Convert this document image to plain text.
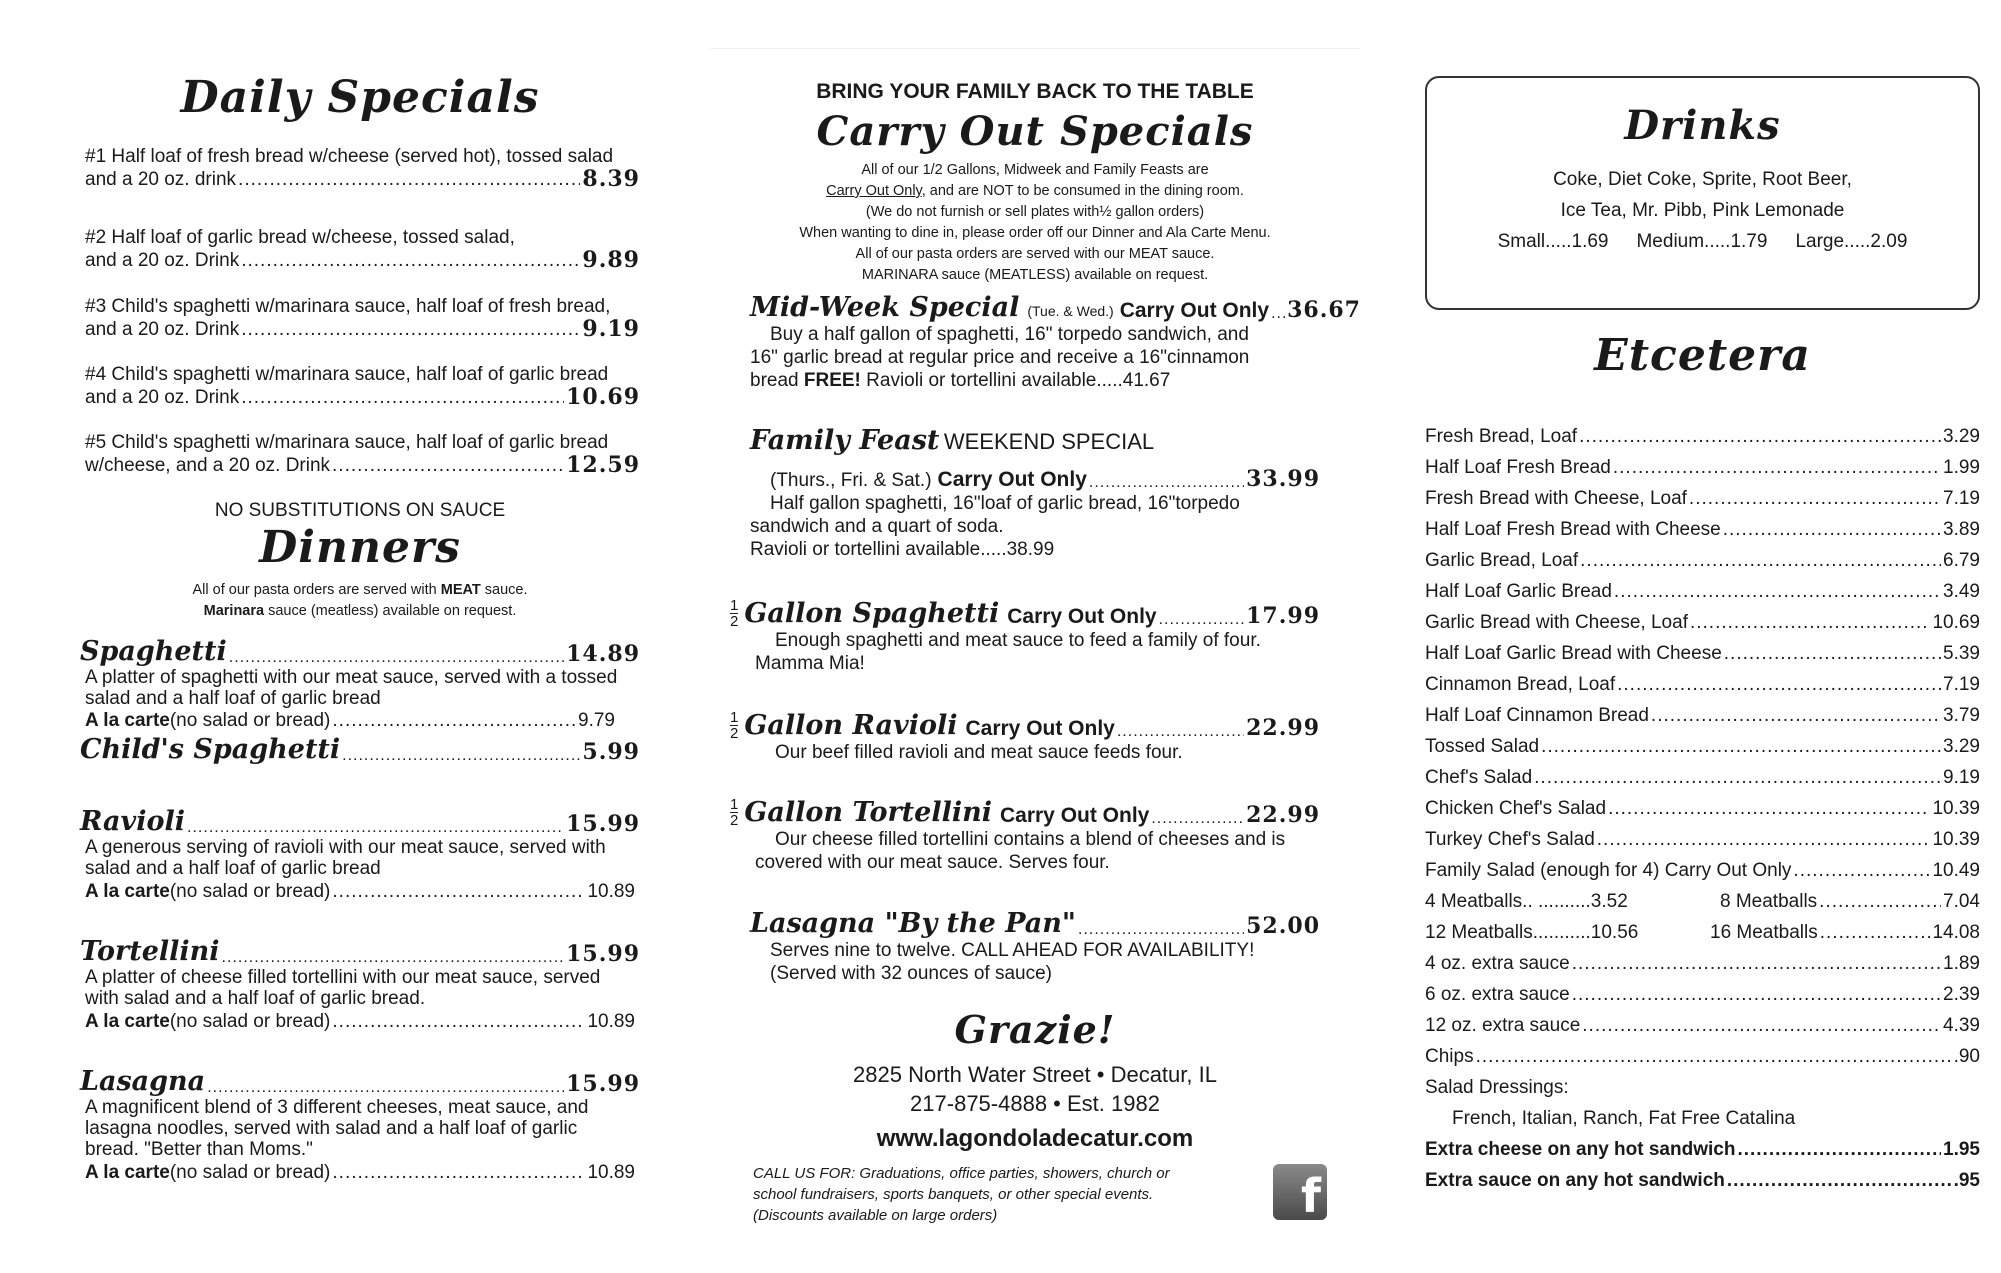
Daily Specials
#1 Half loaf of fresh bread w/cheese (served hot), tossed salad
and a 20 oz. drink .....	8.39
#2 Half loaf of garlic bread w/cheese, tossed salad,
and a 20 oz. Drink .....	9.89
#3 Child's spaghetti w/marinara sauce, half loaf of fresh bread,
and a 20 oz. Drink .....	9.19
#4 Child's spaghetti w/marinara sauce, half loaf of garlic bread
and a 20 oz. Drink .....	10.69
#5 Child's spaghetti w/marinara sauce, half loaf of garlic bread
w/cheese, and a 20 oz. Drink .....	12.59
NO SUBSTITUTIONS ON SAUCE
Dinners
All of our pasta orders are served with MEAT sauce.
Marinara sauce (meatless) available on request.
Spaghetti .....	14.89
A platter of spaghetti with our meat sauce, served with a tossed
salad and a half loaf of garlic bread
A la carte (no salad or bread) .....	9.79
Child's Spaghetti .....	5.99
Ravioli .....	15.99
A generous serving of ravioli with our meat sauce, served with
salad and a half loaf of garlic bread
A la carte (no salad or bread) .....	10.89
Tortellini .....	15.99
A platter of cheese filled tortellini with our meat sauce, served
with salad and a half loaf of garlic bread.
A la carte (no salad or bread) .....	10.89
Lasagna .....	15.99
A magnificent blend of 3 different cheeses, meat sauce, and
lasagna noodles, served with salad and a half loaf of garlic
bread. "Better than Moms."
A la carte (no salad or bread) .....	10.89
BRING YOUR FAMILY BACK TO THE TABLE
Carry Out Specials
All of our 1/2 Gallons, Midweek and Family Feasts are
Carry Out Only, and are NOT to be consumed in the dining room.
(We do not furnish or sell plates with½ gallon orders)
When wanting to dine in, please order off our Dinner and Ala Carte Menu.
All of our pasta orders are served with our MEAT sauce.
MARINARA sauce (MEATLESS) available on request.
Mid-Week Special (Tue. & Wed.) Carry Out Only ..... 36.67
Buy a half gallon of spaghetti, 16" torpedo sandwich, and
16" garlic bread at regular price and receive a 16"cinnamon
bread FREE! Ravioli or tortellini available.....41.67
Family Feast WEEKEND SPECIAL
(Thurs., Fri. & Sat.) Carry Out Only .....	33.99
Half gallon spaghetti, 16"loaf of garlic bread, 16"torpedo
sandwich and a quart of soda.
Ravioli or tortellini available.....38.99
$\frac{1}{2}$ Gallon Spaghetti Carry Out Only .....	17.99
Enough spaghetti and meat sauce to feed a family of four.
Mamma Mia!
$\frac{1}{2}$ Gallon Ravioli Carry Out Only .....	22.99
Our beef filled ravioli and meat sauce feeds four.
$\frac{1}{2}$ Gallon Tortellini Carry Out Only .....	22.99
Our cheese filled tortellini contains a blend of cheeses and is
covered with our meat sauce. Serves four.
Lasagna "By the Pan" .....	52.00
Serves nine to twelve. CALL AHEAD FOR AVAILABILITY!
(Served with 32 ounces of sauce)
Grazie!
2825 North Water Street • Decatur, IL
217-875-4888 • Est. 1982
www.lagondoladecatur.com
CALL US FOR: Graduations, office parties, showers, church or
school fundraisers, sports banquets, or other special events.
(Discounts available on large orders)	f
Drinks
Coke, Diet Coke, Sprite, Root Beer,
Ice Tea, Mr. Pibb, Pink Lemonade
Small.....1.69 Medium.....1.79 Large.....2.09
Etcetera
Fresh Bread, Loaf .....	3.29
Half Loaf Fresh Bread .....	1.99
Fresh Bread with Cheese, Loaf .....	7.19
Half Loaf Fresh Bread with Cheese .....	3.89
Garlic Bread, Loaf .....	6.79
Half Loaf Garlic Bread .....	3.49
Garlic Bread with Cheese, Loaf .....	10.69
Half Loaf Garlic Bread with Cheese .....	5.39
Cinnamon Bread, Loaf .....	7.19
Half Loaf Cinnamon Bread .....	3.79
Tossed Salad .....	3.29
Chef's Salad .....	9.19
Chicken Chef's Salad .....	10.39
Turkey Chef's Salad .....	10.39
Family Salad (enough for 4) Carry Out Only .....	10.49
4 Meatballs.. ..........3.52	8 Meatballs .....	7.04
12 Meatballs...........10.56	16 Meatballs .....	14.08
4 oz. extra sauce .....	1.89
6 oz. extra sauce .....	2.39
12 oz. extra sauce .....	4.39
Chips .....	.90
Salad Dressings:
French, Italian, Ranch, Fat Free Catalina
Extra cheese on any hot sandwich .....	1.95
Extra sauce on any hot sandwich .....	.95
